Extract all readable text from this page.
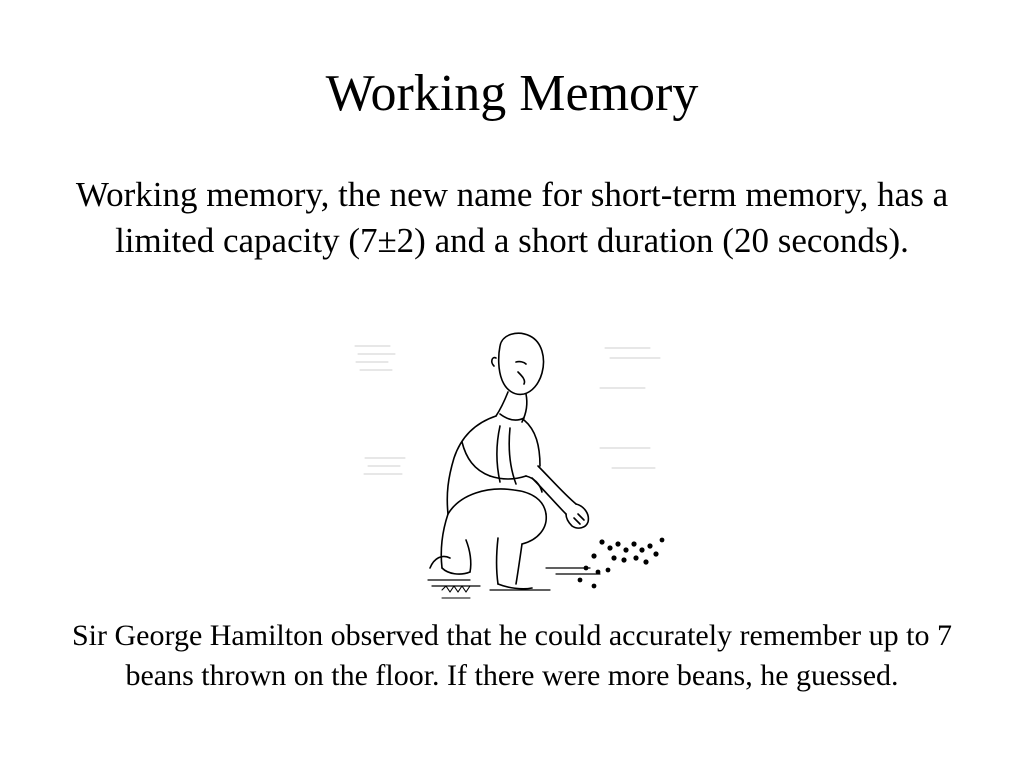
Working Memory

Working memory, the new name for short-term memory, has a limited capacity (7±2) and a short duration (20 seconds).

Sir George Hamilton observed that he could accurately remember up to 7 beans thrown on the floor. If there were more beans, he guessed.
